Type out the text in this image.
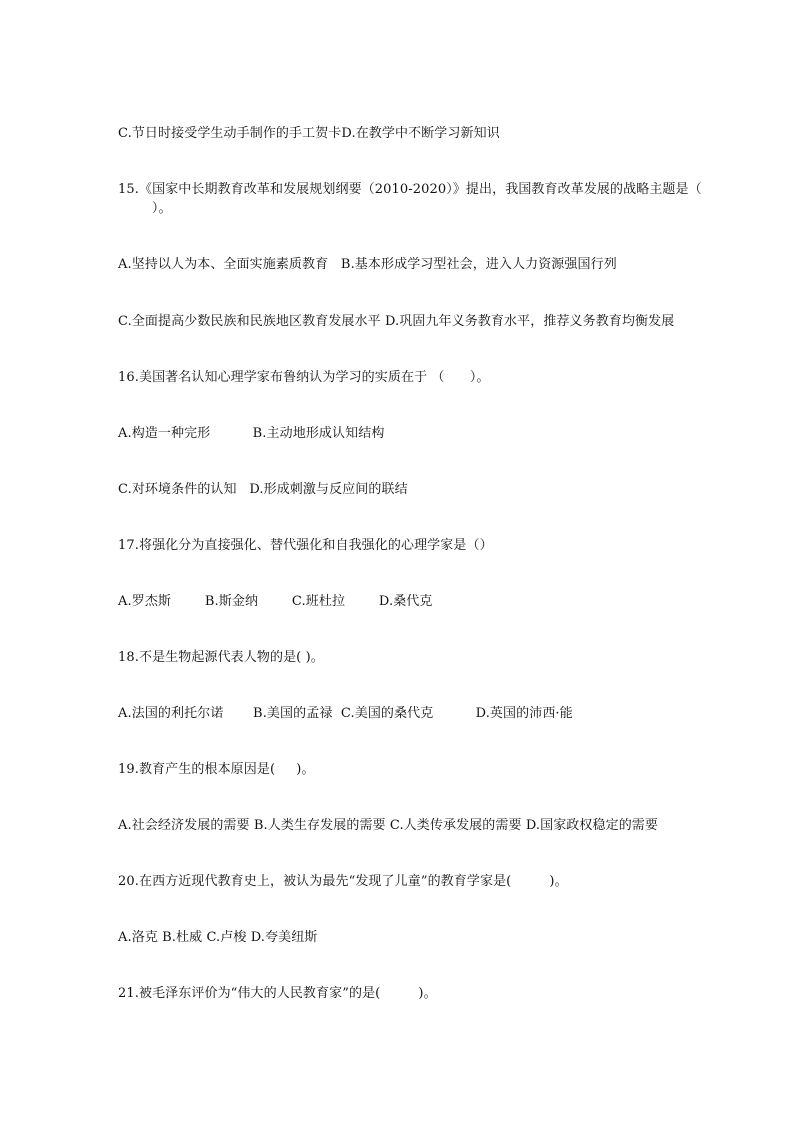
C.节日时接受学生动手制作的手工贺卡D.在教学中不断学习新知识
15.《国家中长期教育改革和发展规划纲要（2010-2020）》提出，我国教育改革发展的战略主题是（
）。
A.坚持以人为本、全面实施素质教育   B.基本形成学习型社会，进入人力资源强国行列
C.全面提高少数民族和民族地区教育发展水平 D.巩固九年义务教育水平，推荐义务教育均衡发展
16.美国著名认知心理学家布鲁纳认为学习的实质在于 （      ）。
A.构造一种完形          B.主动地形成认知结构
C.对环境条件的认知   D.形成刺激与反应间的联结
17.将强化分为直接强化、替代强化和自我强化的心理学家是（）
A.罗杰斯        B.斯金纳        C.班杜拉        D.桑代克
18.不是生物起源代表人物的是( )。
A.法国的利托尔诺       B.美国的孟禄  C.美国的桑代克          D.英国的沛西·能
19.教育产生的根本原因是(     )。
A.社会经济发展的需要 B.人类生存发展的需要 C.人类传承发展的需要 D.国家政权稳定的需要
20.在西方近现代教育史上，被认为最先“发现了儿童”的教育学家是(         )。
A.洛克 B.杜威 C.卢梭 D.夸美纽斯
21.被毛泽东评价为“伟大的人民教育家”的是(         )。
